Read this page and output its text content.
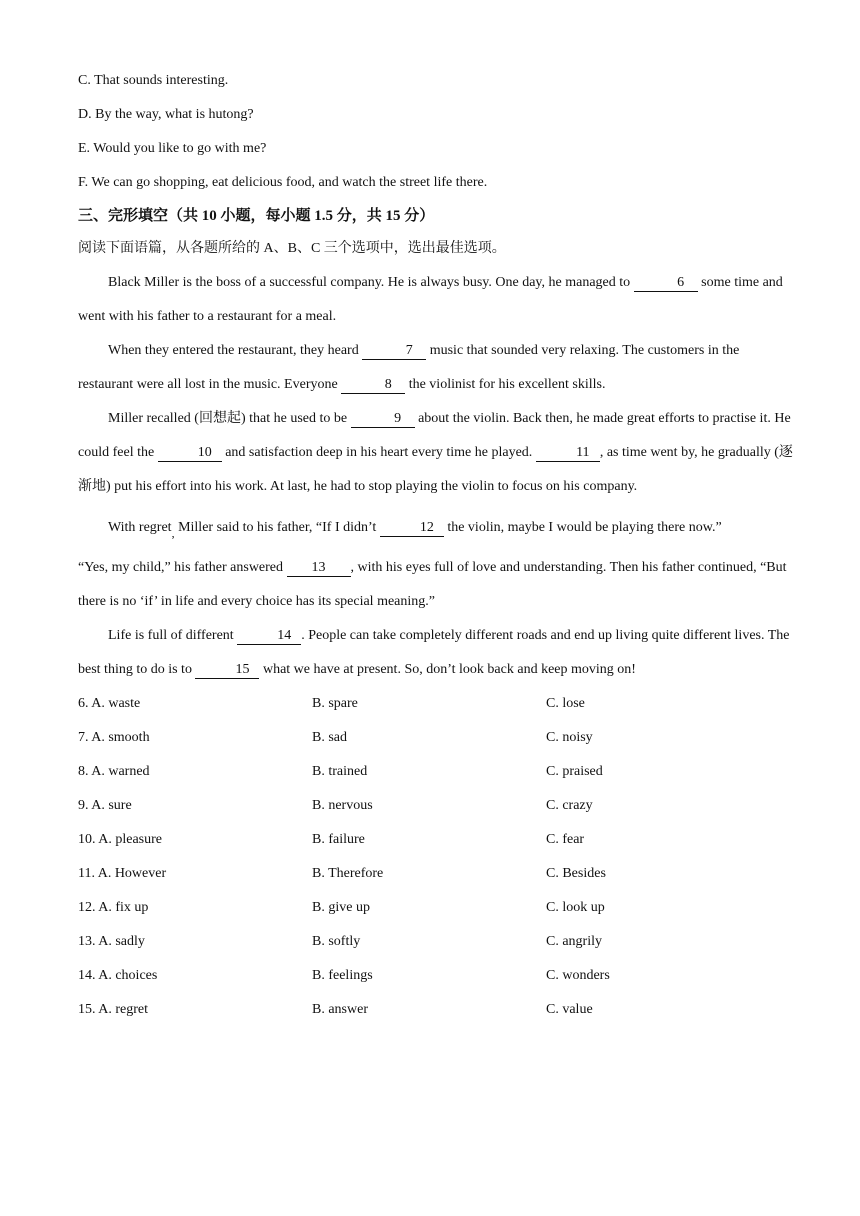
C. That sounds interesting.
D. By the way, what is hutong?
E. Would you like to go with me?
F. We can go shopping, eat delicious food, and watch the street life there.
三、完形填空（共 10 小题，每小题 1.5 分，共 15 分）
阅读下面语篇，从各题所给的 A、B、C 三个选项中，选出最佳选项。
Black Miller is the boss of a successful company. He is always busy. One day, he managed to	6 some time and went with his father to a restaurant for a meal.
When they entered the restaurant, they heard	7 music that sounded very relaxing. The customers in the restaurant were all lost in the music. Everyone	8 the violinist for his excellent skills.
Miller recalled (回想起) that he used to be	9 about the violin. Back then, he made great efforts to practise it. He could feel the	10 and satisfaction deep in his heart every time he played.	11 , as time went by, he gradually (逐渐地) put his effort into his work. At last, he had to stop playing the violin to focus on his company.
With regret, Miller said to his father, “If I didn’t	12 the violin, maybe I would be playing there now.”
“Yes, my child,” his father answered 13 , with his eyes full of love and understanding. Then his father continued, “But there is no ‘if’ in life and every choice has its special meaning.”
Life is full of different	14 . People can take completely different roads and end up living quite different lives. The best thing to do is to	15 what we have at present. So, don’t look back and keep moving on!
6. A. waste	B. spare	C. lose
7. A. smooth	B. sad	C. noisy
8. A. warned	B. trained	C. praised
9. A. sure	B. nervous	C. crazy
10. A. pleasure	B. failure	C. fear
11. A. However	B. Therefore	C. Besides
12. A. fix up	B. give up	C. look up
13. A. sadly	B. softly	C. angrily
14. A. choices	B. feelings	C. wonders
15. A. regret	B. answer	C. value
